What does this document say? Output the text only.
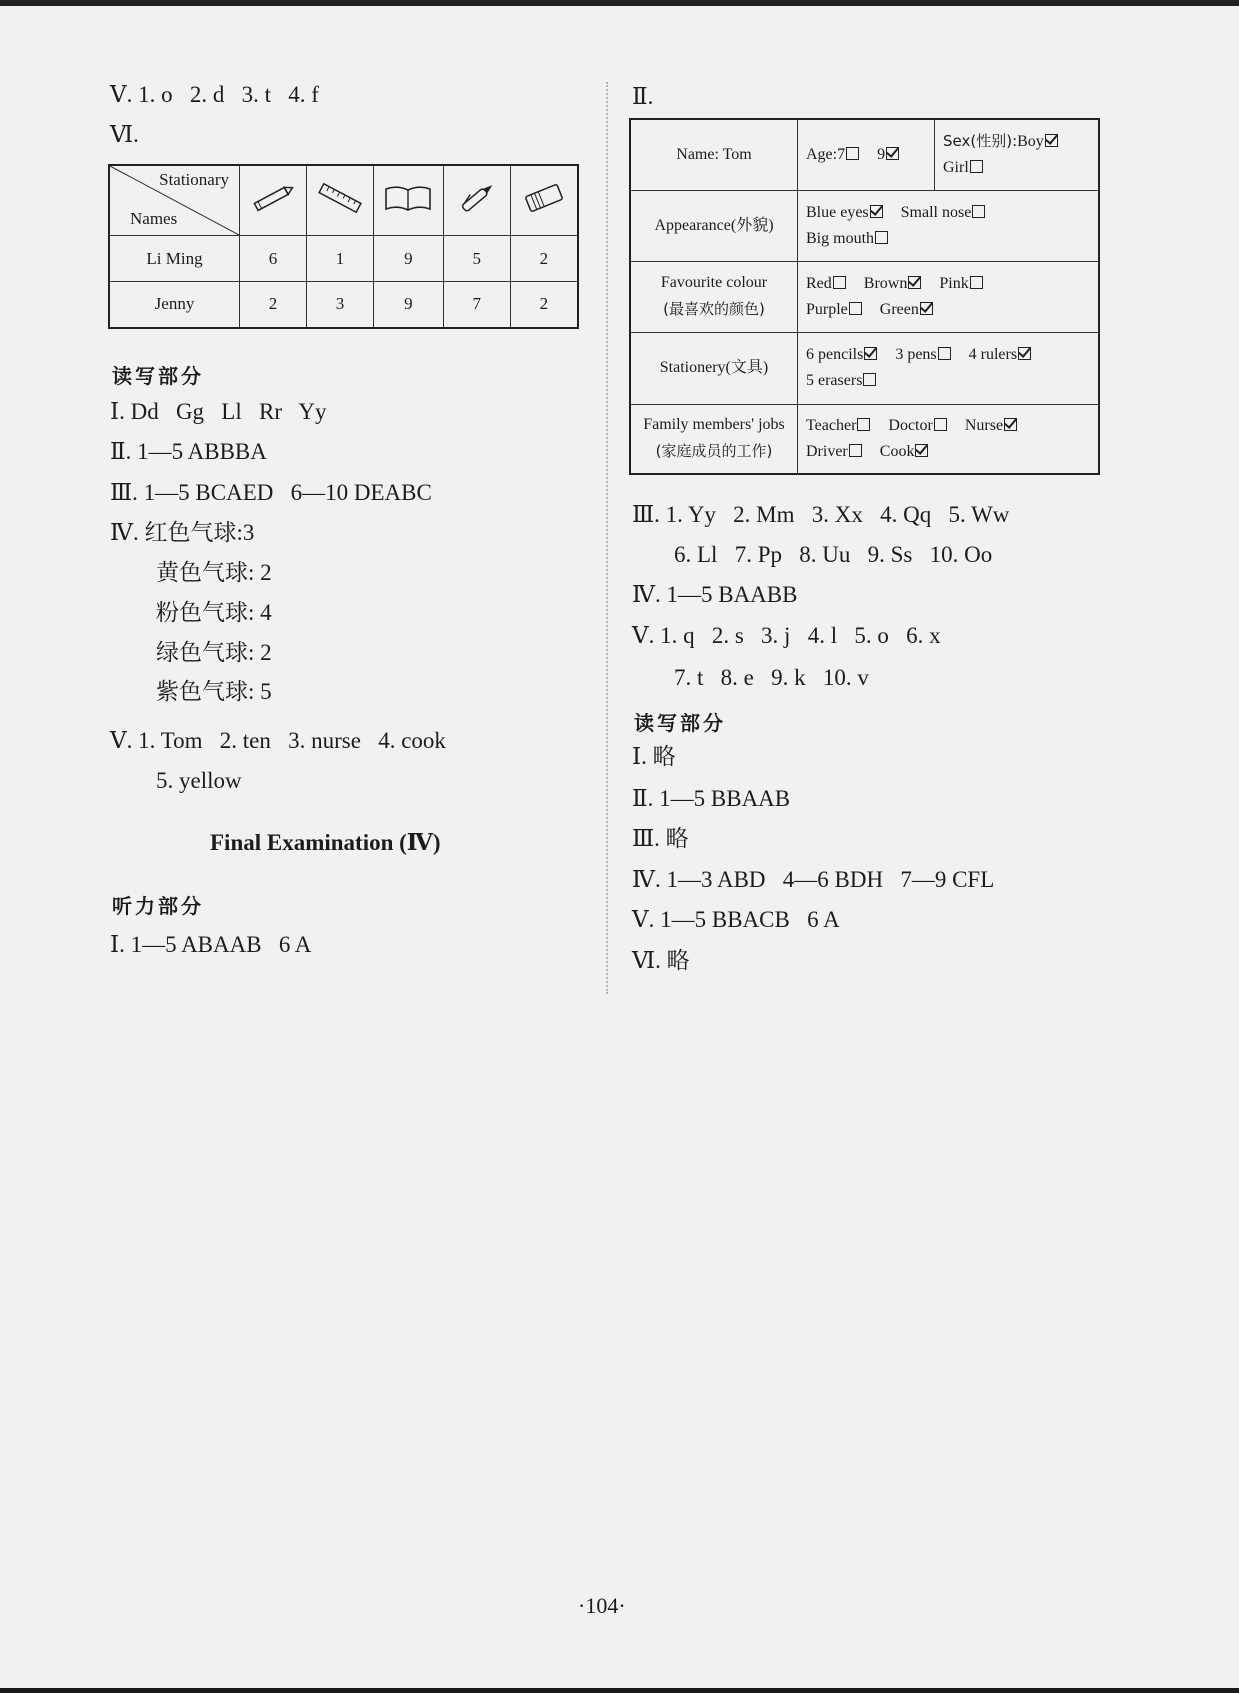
Ⅴ. 1. o   2. d   3. t   4. f
Ⅵ.
Stationary
Names

Li Ming	6	1	9	5	2
Jenny	2	3	9	7	2
读写部分
Ⅰ. Dd   Gg   Ll   Rr   Yy
Ⅱ. 1—5 ABBBA
Ⅲ. 1—5 BCAED   6—10 DEABC
Ⅳ. 红色气球:3
黄色气球: 2
粉色气球: 4
绿色气球: 2
紫色气球: 5
Ⅴ. 1. Tom   2. ten   3. nurse   4. cook
5. yellow
Final Examination (Ⅳ)
听力部分
Ⅰ. 1—5 ABAAB   6 A
Ⅱ.
Name: Tom	Age:7 9	Sex(性别):Boy
Girl
Appearance(外貌)	Blue eyes Small nose
Big mouth	
Favourite colour
(最喜欢的颜色)	Red Brown Pink
Purple Green	
Stationery(文具)	6 pencils 3 pens 4 rulers
5 erasers	
Family members' jobs
(家庭成员的工作)	Teacher Doctor Nurse
Driver Cook	
Ⅲ. 1. Yy   2. Mm   3. Xx   4. Qq   5. Ww
6. Ll   7. Pp   8. Uu   9. Ss   10. Oo
Ⅳ. 1—5 BAABB
Ⅴ. 1. q   2. s   3. j   4. l   5. o   6. x
7. t   8. e   9. k   10. v
读写部分
Ⅰ. 略
Ⅱ. 1—5 BBAAB
Ⅲ. 略
Ⅳ. 1—3 ABD   4—6 BDH   7—9 CFL
Ⅴ. 1—5 BBACB   6 A
Ⅵ. 略
·104·
